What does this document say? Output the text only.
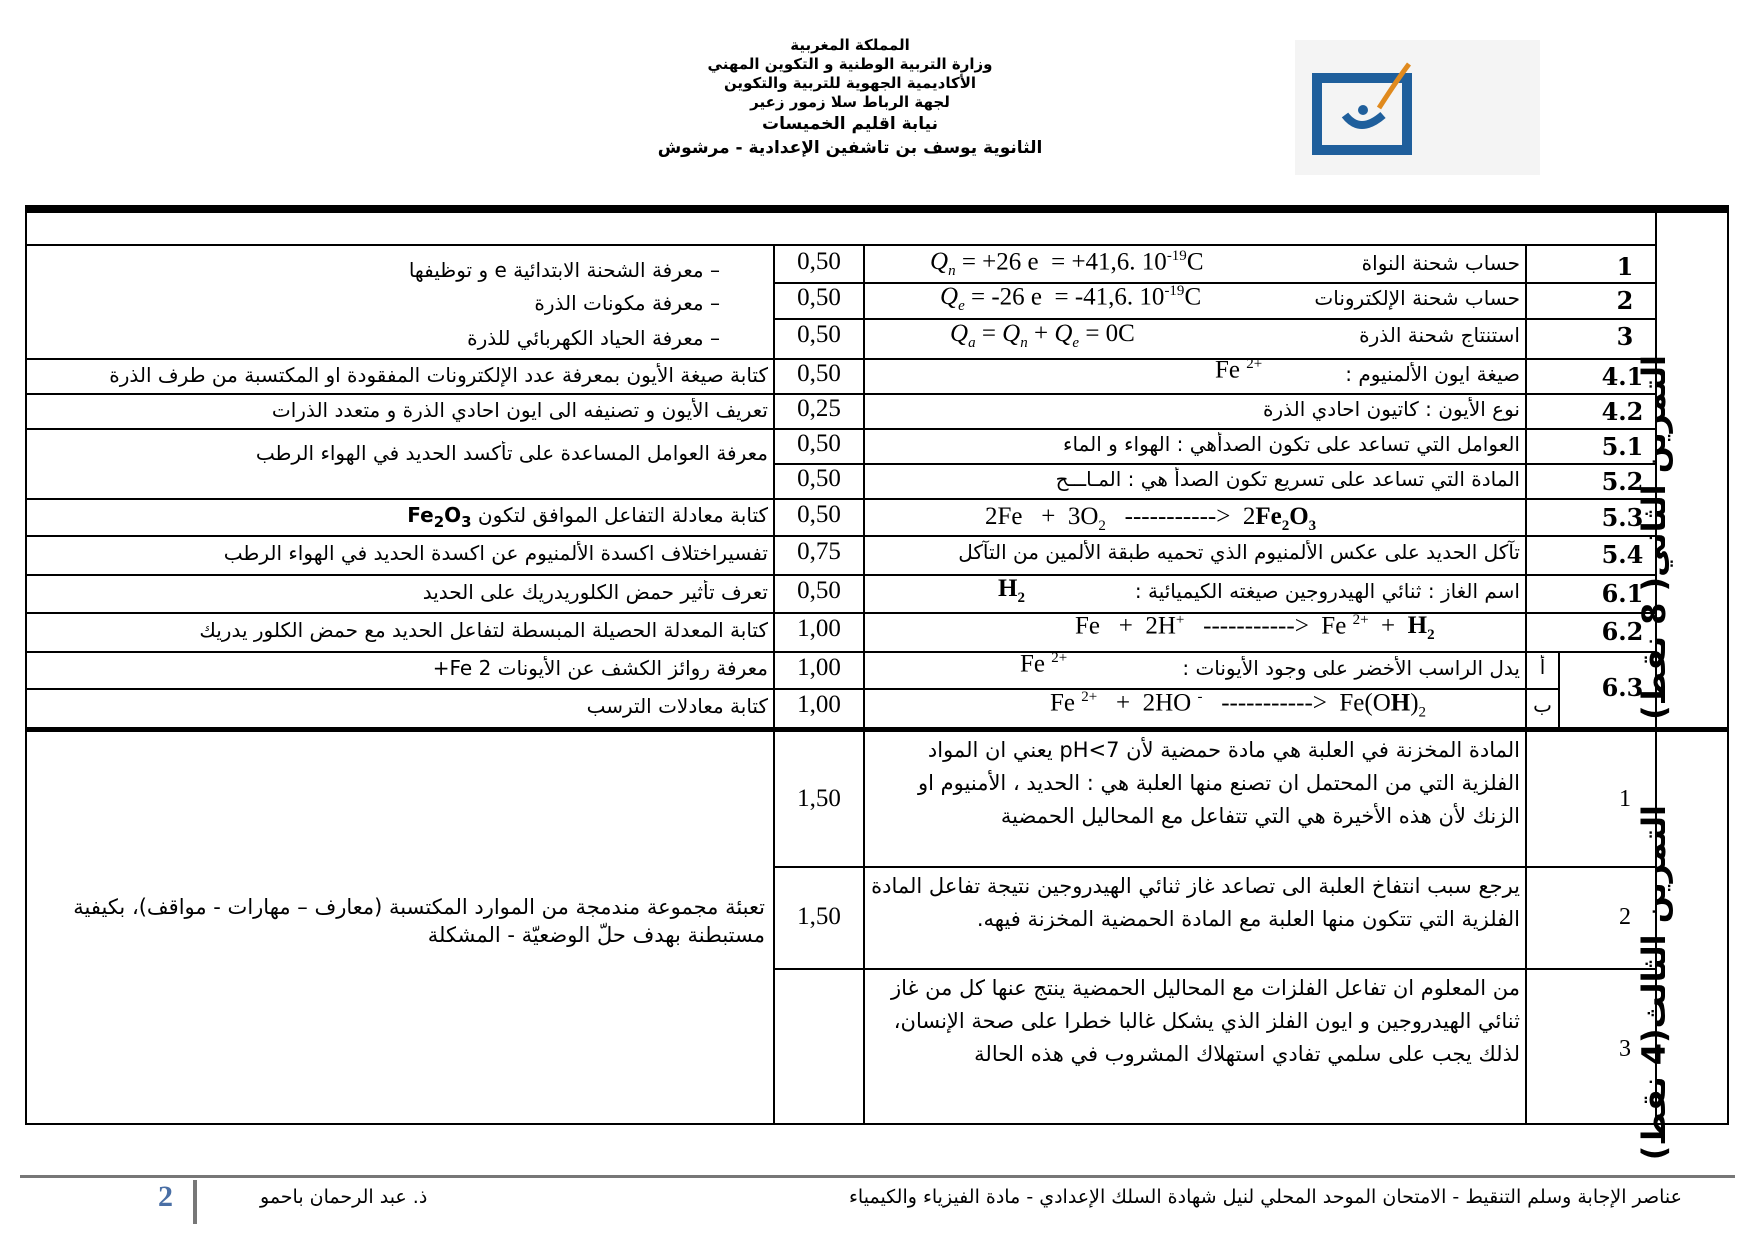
المملكة المغربية
وزارة التربية الوطنية و التكوين المهني
الأكاديمية الجهوية للتربية والتكوين
لجهة الرباط سلا زمور زعير
نيابة اقليم الخميسات
الثانوية يوسف بن تاشفين الإعدادية - مرشوش
التمرين الثاني( 8 نقط)
التمرين الثالث(4 نقط)
1
2
3
4.1
4.2
5.1
5.2
5.3
5.4
6.1
6.2
6.3
أ
ب
حساب شحنة النواة
$Q_n = +26$ e  = +41,6. $10^{-19}C$
حساب شحنة الإلكترونات
$Q_e = -26$ e  = -41,6. $10^{-19}C$
استنتاج شحنة الذرة
$Q_a = Q_n + Q_e = 0C$
صيغة ايون الألمنيوم :
Fe $^{2+}$
نوع الأيون : كاتيون احادي الذرة
العوامل التي تساعد على تكون الصدأهي : الهواء و الماء
المادة التي تساعد على تسريع تكون الصدأ هي : المـاـــح
$2Fe + 3O_2$   ----------->  $2Fe_2O_3$
تآكل الحديد على عكس الألمنيوم الذي تحميه طبقة الألمين من التآكل
اسم الغاز : ثنائي الهيدروجين صيغته الكيميائية :
$H_2$
Fe   +  2H+   ----------->  Fe $^{2+} + H_2$
يدل الراسب الأخضر على وجود الأيونات :
Fe $^{2+}$
Fe $^{2+}$   +  2HO -   ----------->  $Fe(OH)_2$
0,50
0,50
0,50
0,50
0,25
0,50
0,50
0,50
0,75
0,50
1,00
1,00
1,00
– معرفة الشحنة الابتدائية e و توظيفها
– معرفة مكونات الذرة
– معرفة الحياد الكهربائي للذرة
كتابة صيغة الأيون بمعرفة عدد الإلكترونات المفقودة او المكتسبة من طرف الذرة
تعريف الأيون و تصنيفه الى ايون احادي الذرة و متعدد الذرات
معرفة العوامل المساعدة على تأكسد الحديد في الهواء الرطب
كتابة معادلة التفاعل الموافق لتكون $Fe_2O_3$
تفسيراختلاف اكسدة الألمنيوم عن اكسدة الحديد في الهواء الرطب
تعرف تأثير حمض الكلوريدريك على الحديد
كتابة المعدلة الحصيلة المبسطة لتفاعل الحديد مع حمض الكلور يدريك
معرفة روائز الكشف عن الأيونات Fe 2+
كتابة معادلات الترسب
1
2
3
المادة المخزنة في العلبة هي مادة حمضية لأن pH<7 يعني ان المواد الفلزية التي من المحتمل ان تصنع منها العلبة هي : الحديد ، الأمنيوم او الزنك لأن هذه الأخيرة هي التي تتفاعل مع المحاليل الحمضية
يرجع سبب انتفاخ العلبة الى تصاعد غاز ثنائي الهيدروجين نتيجة تفاعل المادة الفلزية التي تتكون منها العلبة مع المادة الحمضية المخزنة فيهه.
من المعلوم ان تفاعل الفلزات مع المحاليل الحمضية ينتج عنها كل من غاز ثنائي الهيدروجين و ايون الفلز الذي يشكل غالبا خطرا على صحة الإنسان، لذلك يجب على سلمي تفادي استهلاك المشروب في هذه الحالة
1,50
1,50
تعبئة مجموعة مندمجة من الموارد المكتسبة (معارف – مهارات - مواقف)، بكيفية مستبطنة بهدف حلّ الوضعيّة - المشكلة
عناصر الإجابة وسلم التنقيط - الامتحان الموحد المحلي لنيل شهادة السلك الإعدادي - مادة الفيزياء والكيمياء
ذ. عبد الرحمان باحمو
2
